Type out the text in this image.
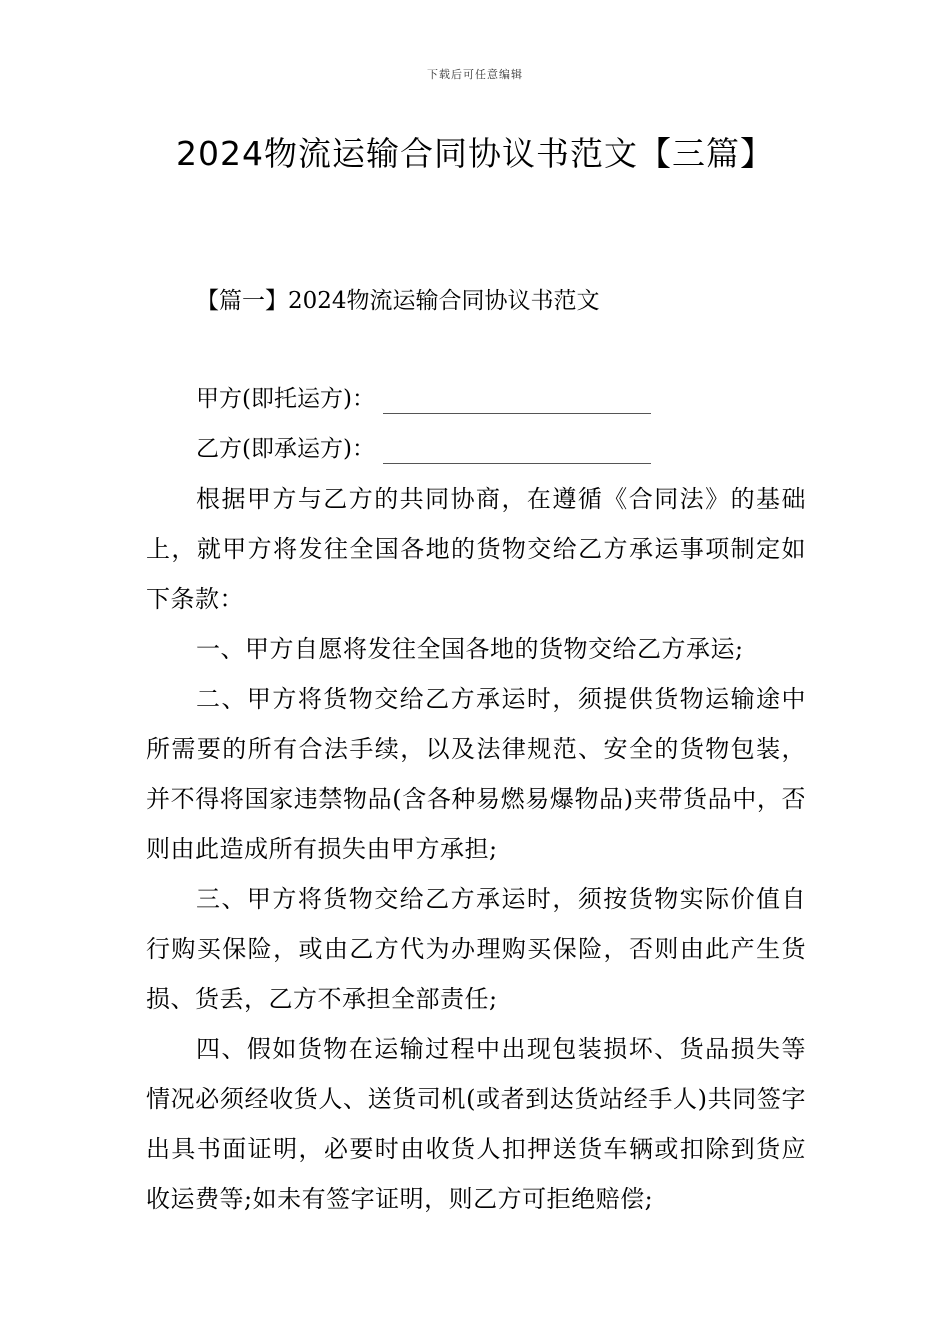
下载后可任意编辑
2024物流运输合同协议书范文【三篇】
【篇一】2024物流运输合同协议书范文
甲方(即托运方)：
乙方(即承运方)：

根据甲方与乙方的共同协商，在遵循《合同法》的基础上，就甲方将发往全国各地的货物交给乙方承运事项制定如下条款：

一、甲方自愿将发往全国各地的货物交给乙方承运;

二、甲方将货物交给乙方承运时，须提供货物运输途中所需要的所有合法手续，以及法律规范、安全的货物包装，并不得将国家违禁物品(含各种易燃易爆物品)夹带货品中，否则由此造成所有损失由甲方承担;

三、甲方将货物交给乙方承运时，须按货物实际价值自行购买保险，或由乙方代为办理购买保险，否则由此产生货损、货丢，乙方不承担全部责任;

四、假如货物在运输过程中出现包装损坏、货品损失等情况必须经收货人、送货司机(或者到达货站经手人)共同签字出具书面证明，必要时由收货人扣押送货车辆或扣除到货应收运费等;如未有签字证明，则乙方可拒绝赔偿;
